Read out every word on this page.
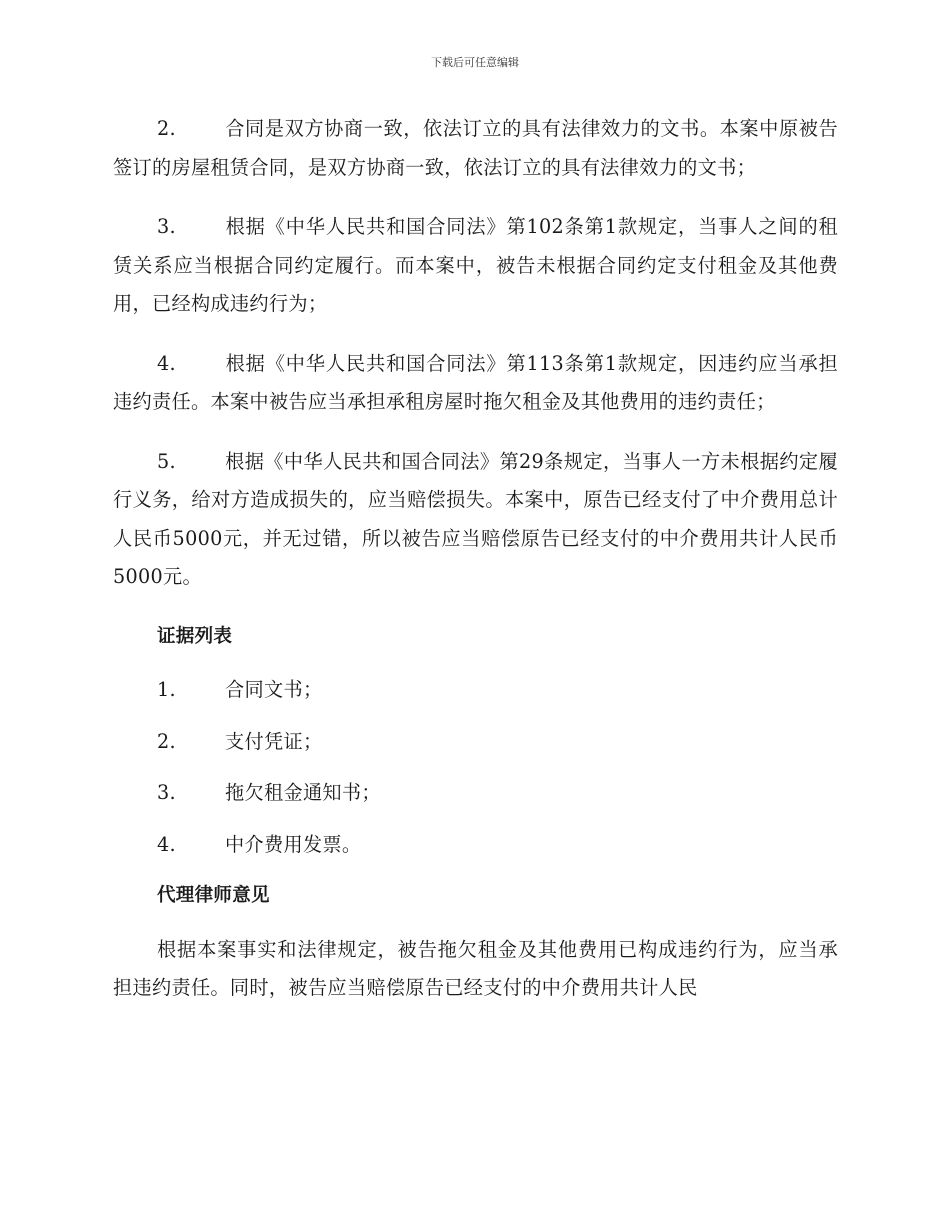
下载后可任意编辑

2.	合同是双方协商一致，依法订立的具有法律效力的文书。本案中原被告签订的房屋租赁合同，是双方协商一致，依法订立的具有法律效力的文书；

3.	根据《中华人民共和国合同法》第102条第1款规定，当事人之间的租赁关系应当根据合同约定履行。而本案中，被告未根据合同约定支付租金及其他费用，已经构成违约行为；

4.	根据《中华人民共和国合同法》第113条第1款规定，因违约应当承担违约责任。本案中被告应当承担承租房屋时拖欠租金及其他费用的违约责任；

5.	根据《中华人民共和国合同法》第29条规定，当事人一方未根据约定履行义务，给对方造成损失的，应当赔偿损失。本案中，原告已经支付了中介费用总计人民币5000元，并无过错，所以被告应当赔偿原告已经支付的中介费用共计人民币5000元。

证据列表
1.	合同文书；
2.	支付凭证；
3.	拖欠租金通知书；
4.	中介费用发票。
代理律师意见

根据本案事实和法律规定，被告拖欠租金及其他费用已构成违约行为，应当承担违约责任。同时，被告应当赔偿原告已经支付的中介费用共计人民
